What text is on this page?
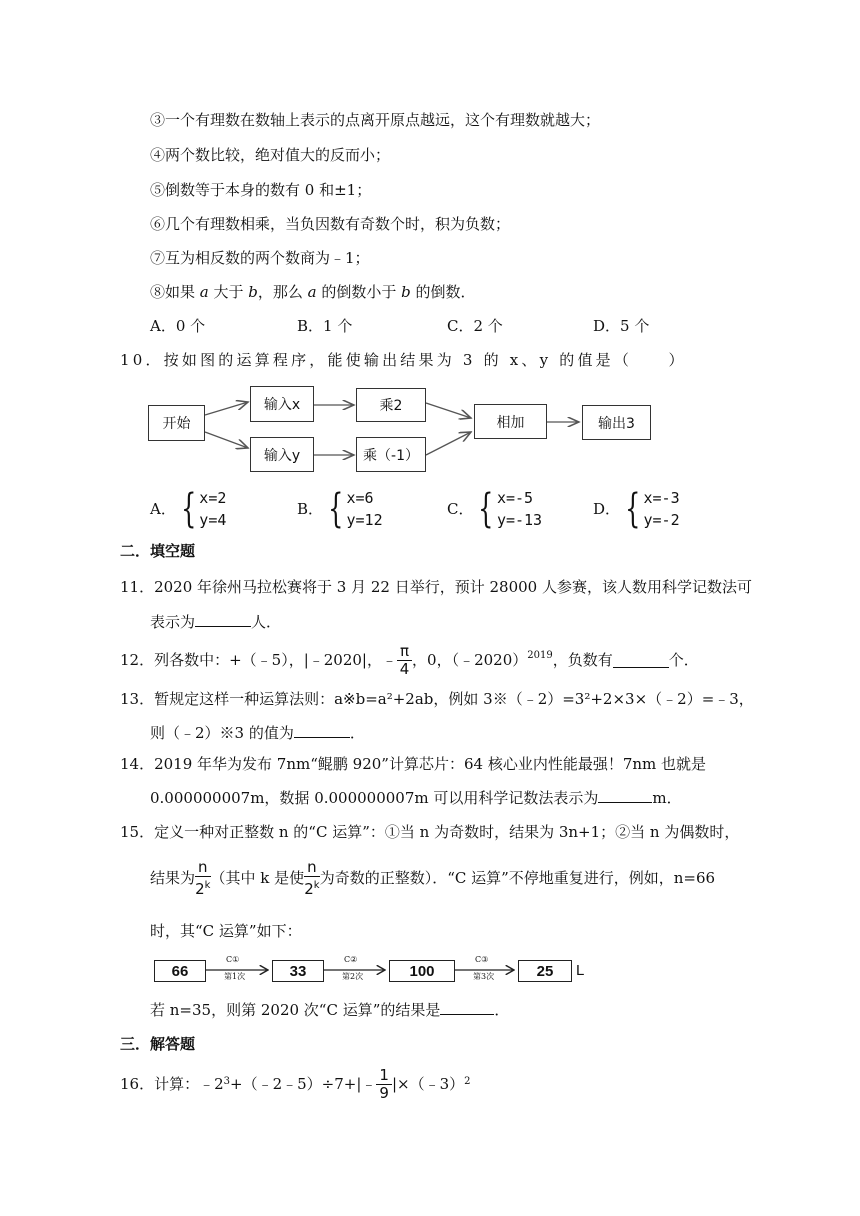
③一个有理数在数轴上表示的点离开原点越远，这个有理数就越大；
④两个数比较，绝对值大的反而小；
⑤倒数等于本身的数有 0 和±1；
⑥几个有理数相乘，当负因数有奇数个时，积为负数；
⑦互为相反数的两个数商为﹣1；
⑧如果 a 大于 b，那么 a 的倒数小于 b 的倒数．
A．0 个	B．1 个	C．2 个	D．5 个
10．按如图的运算程序，能使输出结果为 3 的 x、y 的值是（　　）
开始
输入x	乘2
输入y	乘（-1）
相加	输出3
A． { x=2
y=4
B． { x=6
y=12
C． { x=-5
y=-13
D． { x=-3
y=-2
二．填空题
11．2020 年徐州马拉松赛将于 3 月 22 日举行，预计 28000 人参赛，该人数用科学记数法可
表示为	人．
12．列各数中：+（﹣5），|﹣2020|， ﹣ $\frac{\pi}{4}$ ，0，（﹣2020） 2019 ，负数有	个．
13．暂规定这样一种运算法则：a※b=a²+2ab，例如 3※（﹣2）=3²+2×3×（﹣2）=﹣3，
则（﹣2）※3 的值为	．
14．2019 年华为发布 7nm“鲲鹏 920”计算芯片：64 核心业内性能最强！7nm 也就是
0.000000007m，数据 0.000000007m 可以用科学记数法表示为	m．
15．定义一种对正整数 n 的“C 运算”：①当 n 为奇数时，结果为 3n+1；②当 n 为偶数时，
结果为 $\frac{n}{2^k}$ （其中 k 是使 $\frac{n}{2^k}$ 为奇数的正整数）．“C 运算”不停地重复进行，例如，n=66
时，其“C 运算”如下：
66	33	100	25	L
C①
第1次
C②
第2次
C③
第3次
若 n=35，则第 2020 次“C 运算”的结果是	．
三．解答题
16．计算：﹣2 3 +（﹣2﹣5）÷7+|﹣ $\frac{1}{9}$ |×（﹣3） 2
